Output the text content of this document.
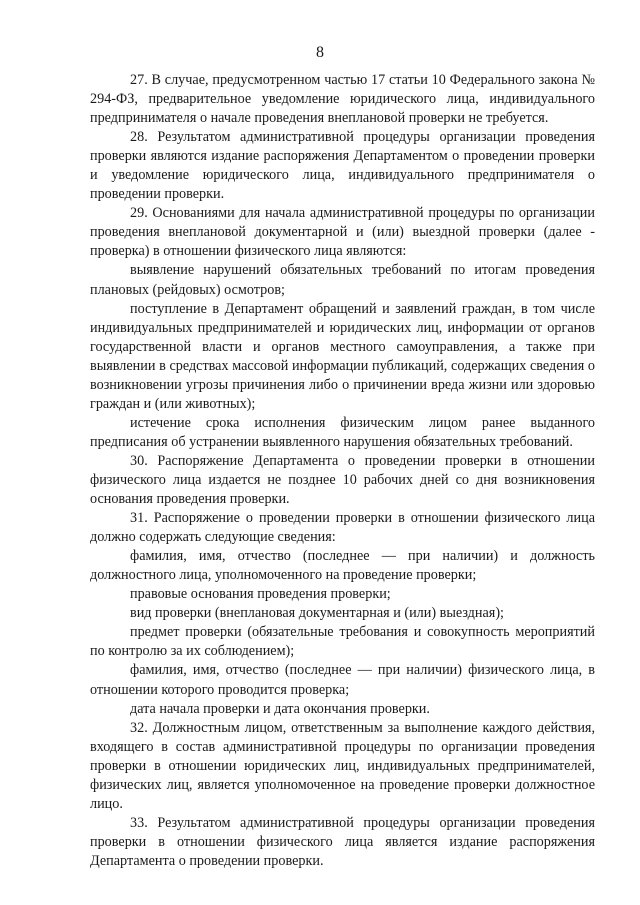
8

27. В случае, предусмотренном частью 17 статьи 10 Федерального закона № 294-ФЗ, предварительное уведомление юридического лица, индивидуального предпринимателя о начале проведения внеплановой проверки не требуется.

28. Результатом административной процедуры организации проведения проверки являются издание распоряжения Департаментом о проведении проверки и уведомление юридического лица, индивидуального предпринимателя о проведении проверки.

29. Основаниями для начала административной процедуры по организации проведения внеплановой документарной и (или) выездной проверки (далее - проверка) в отношении физического лица являются:

выявление нарушений обязательных требований по итогам проведения плановых (рейдовых) осмотров;

поступление в Департамент обращений и заявлений граждан, в том числе индивидуальных предпринимателей и юридических лиц, информации от органов государственной власти и органов местного самоуправления, а также при выявлении в средствах массовой информации публикаций, содержащих сведения о возникновении угрозы причинения либо о причинении вреда жизни или здоровью граждан и (или животных);

истечение срока исполнения физическим лицом ранее выданного предписания об устранении выявленного нарушения обязательных требований.

30. Распоряжение Департамента о проведении проверки в отношении физического лица издается не позднее 10 рабочих дней со дня возникновения основания проведения проверки.

31. Распоряжение о проведении проверки в отношении физического лица должно содержать следующие сведения:

фамилия, имя, отчество (последнее — при наличии) и должность должностного лица, уполномоченного на проведение проверки;

правовые основания проведения проверки;

вид проверки (внеплановая документарная и (или) выездная);

предмет проверки (обязательные требования и совокупность мероприятий по контролю за их соблюдением);

фамилия, имя, отчество (последнее — при наличии) физического лица, в отношении которого проводится проверка;

дата начала проверки и дата окончания проверки.

32. Должностным лицом, ответственным за выполнение каждого действия, входящего в состав административной процедуры по организации проведения проверки в отношении юридических лиц, индивидуальных предпринимателей, физических лиц, является уполномоченное на проведение проверки должностное лицо.

33. Результатом административной процедуры организации проведения проверки в отношении физического лица является издание распоряжения Департамента о проведении проверки.
